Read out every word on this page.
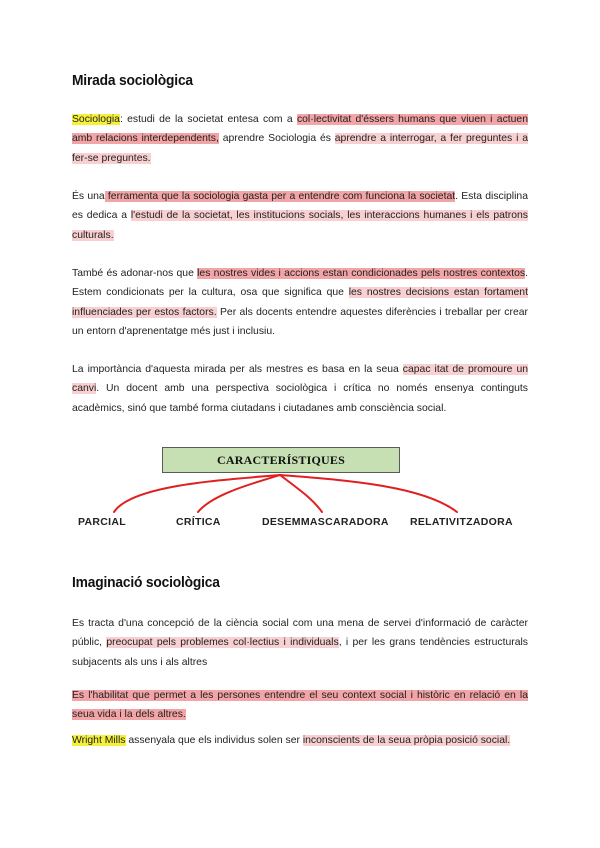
Mirada sociològica

Sociologia: estudi de la societat entesa com a col·lectivitat d'éssers humans que viuen i actuen amb relacions interdependents, aprendre Sociologia és aprendre a interrogar, a fer preguntes i a fer-se preguntes.

És una ferramenta que la sociologia gasta per a entendre com funciona la societat. Esta disciplina es dedica a l'estudi de la societat, les institucions socials, les interaccions humanes i els patrons culturals.

També és adonar-nos que les nostres vides i accions estan condicionades pels nostres contextos. Estem condicionats per la cultura, osa que significa que les nostres decisions estan fortament influenciades per estos factors. Per als docents entendre aquestes diferències i treballar per crear un entorn d'aprenentatge més just i inclusiu.

La importància d'aquesta mirada per als mestres es basa en la seua capac itat de promoure un canvi. Un docent amb una perspectiva sociològica i crítica no només ensenya continguts acadèmics, sinó que també forma ciutadans i ciutadanes amb consciència social.

CARACTERÍSTIQUES
PARCIAL	CRÍTICA	DESEMMASCARADORA RELATIVITZADORA
Imaginació sociològica

Es tracta d'una concepció de la ciència social com una mena de servei d'informació de caràcter públic, preocupat pels problemes col·lectius i individuals, i per les grans tendències estructurals subjacents als uns i als altres

Es l'habilitat que permet a les persones entendre el seu context social i històric en relació en la seua vida i la dels altres.

Wright Mills assenyala que els individus solen ser inconscients de la seua pròpia posició social.
